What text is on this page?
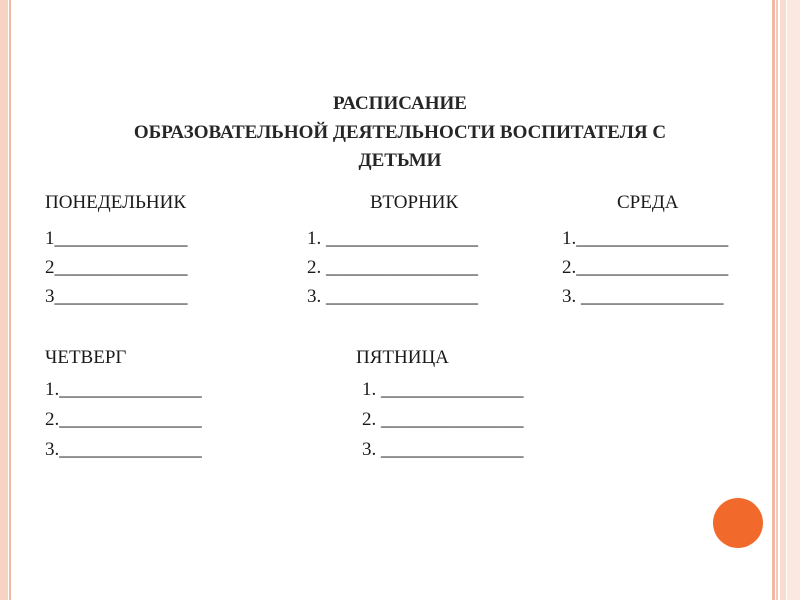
РАСПИСАНИЕ
ОБРАЗОВАТЕЛЬНОЙ ДЕЯТЕЛЬНОСТИ ВОСПИТАТЕЛЯ С
ДЕТЬМИ
ПОНЕДЕЛЬНИК
1______________
2______________
3______________
ВТОРНИК
1. ________________
2. ________________
3. ________________
СРЕДА
1.________________
2.________________
3. _______________
ЧЕТВЕРГ
1._______________
2._______________
3._______________
ПЯТНИЦА
1. _______________
2. _______________
3. _______________
